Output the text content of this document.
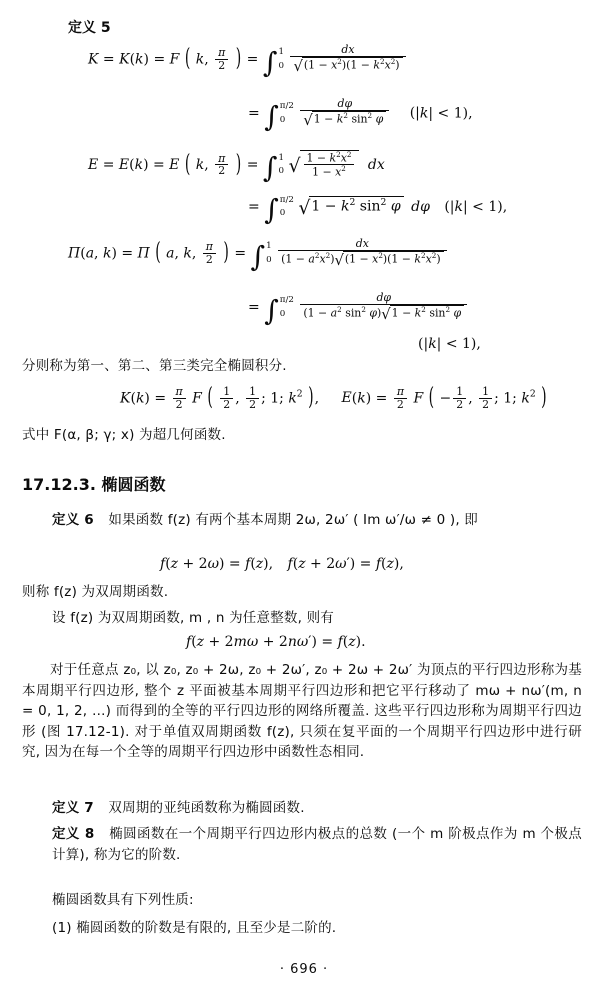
定义 5
K = K(k) = F ( k, $\frac{\pi}{2}$ ) = ∫ 1
0
$\frac{dx}{√(1 - x^2)(1 - k^2x^2)}$
= ∫ π/2
0
	$\frac{d\varphi}{√1 - k^2 \sin^2 \varphi} (|k| < 1)$,
E = E(k) = E ( k, $\frac{\pi}{2}$ ) = ∫ 1
0 √ $\frac{1 - k^2x^2}{1 - x^2}$ dx
= ∫ π/2
0 $√1 - k^2$ $\sin^2 \varphi$ dφ (|k| < 1),
Π(a, k) = Π ( a, k, $\frac{\pi}{2}$ ) = ∫ 1
0
$\frac{dx}{(1 - a^2x^2)√(1 - x^2)(1 - k^2x^2)}$
= ∫ π/2
0
	$\frac{d\varphi}{(1 - a^2 \sin^2 \varphi)√1 - k^2 \sin^2 \varphi}$
(|k| < 1),
分则称为第一、第二、第三类完全椭圆积分.
$K(k) = \frac{\pi}{2}$ F ( $\frac{1}{2}$ , $\frac{1}{2}$ ; 1; $k^2$ ), $E(k) = \frac{\pi}{2}$ F ( − $\frac{1}{2}$ , $\frac{1}{2}$ ; 1; $k^2$ )
式中 F(α, β; γ; x) 为超几何函数.
17.12.3. 椭圆函数
定义 6 如果函数 f(z) 有两个基本周期 2ω, 2ω′ ( Im ω′/ω ≠ 0 ), 即
f(z + 2ω) = f(z), f(z + 2ω′) = f(z),
则称 f(z) 为双周期函数.
设 f(z) 为双周期函数, m , n 为任意整数, 则有
f(z + 2mω + 2nω′) = f(z).
对于任意点 z₀, 以 z₀, z₀ + 2ω, z₀ + 2ω′, z₀ + 2ω + 2ω′ 为顶点的平行四边形称为基本周期平行四边形, 整个 z 平面被基本周期平行四边形和把它平行移动了 mω + nω′(m, n = 0, 1, 2, …) 而得到的全等的平行四边形的网络所覆盖. 这些平行四边形称为周期平行四边形 (图 17.12-1). 对于单值双周期函数 f(z), 只须在复平面的一个周期平行四边形中进行研究, 因为在每一个全等的周期平行四边形中函数性态相同.
定义 7 双周期的亚纯函数称为椭圆函数.
定义 8 椭圆函数在一个周期平行四边形内极点的总数 (一个 m 阶极点作为 m 个极点计算), 称为它的阶数.
椭圆函数具有下列性质:
(1) 椭圆函数的阶数是有限的, 且至少是二阶的.
· 696 ·
